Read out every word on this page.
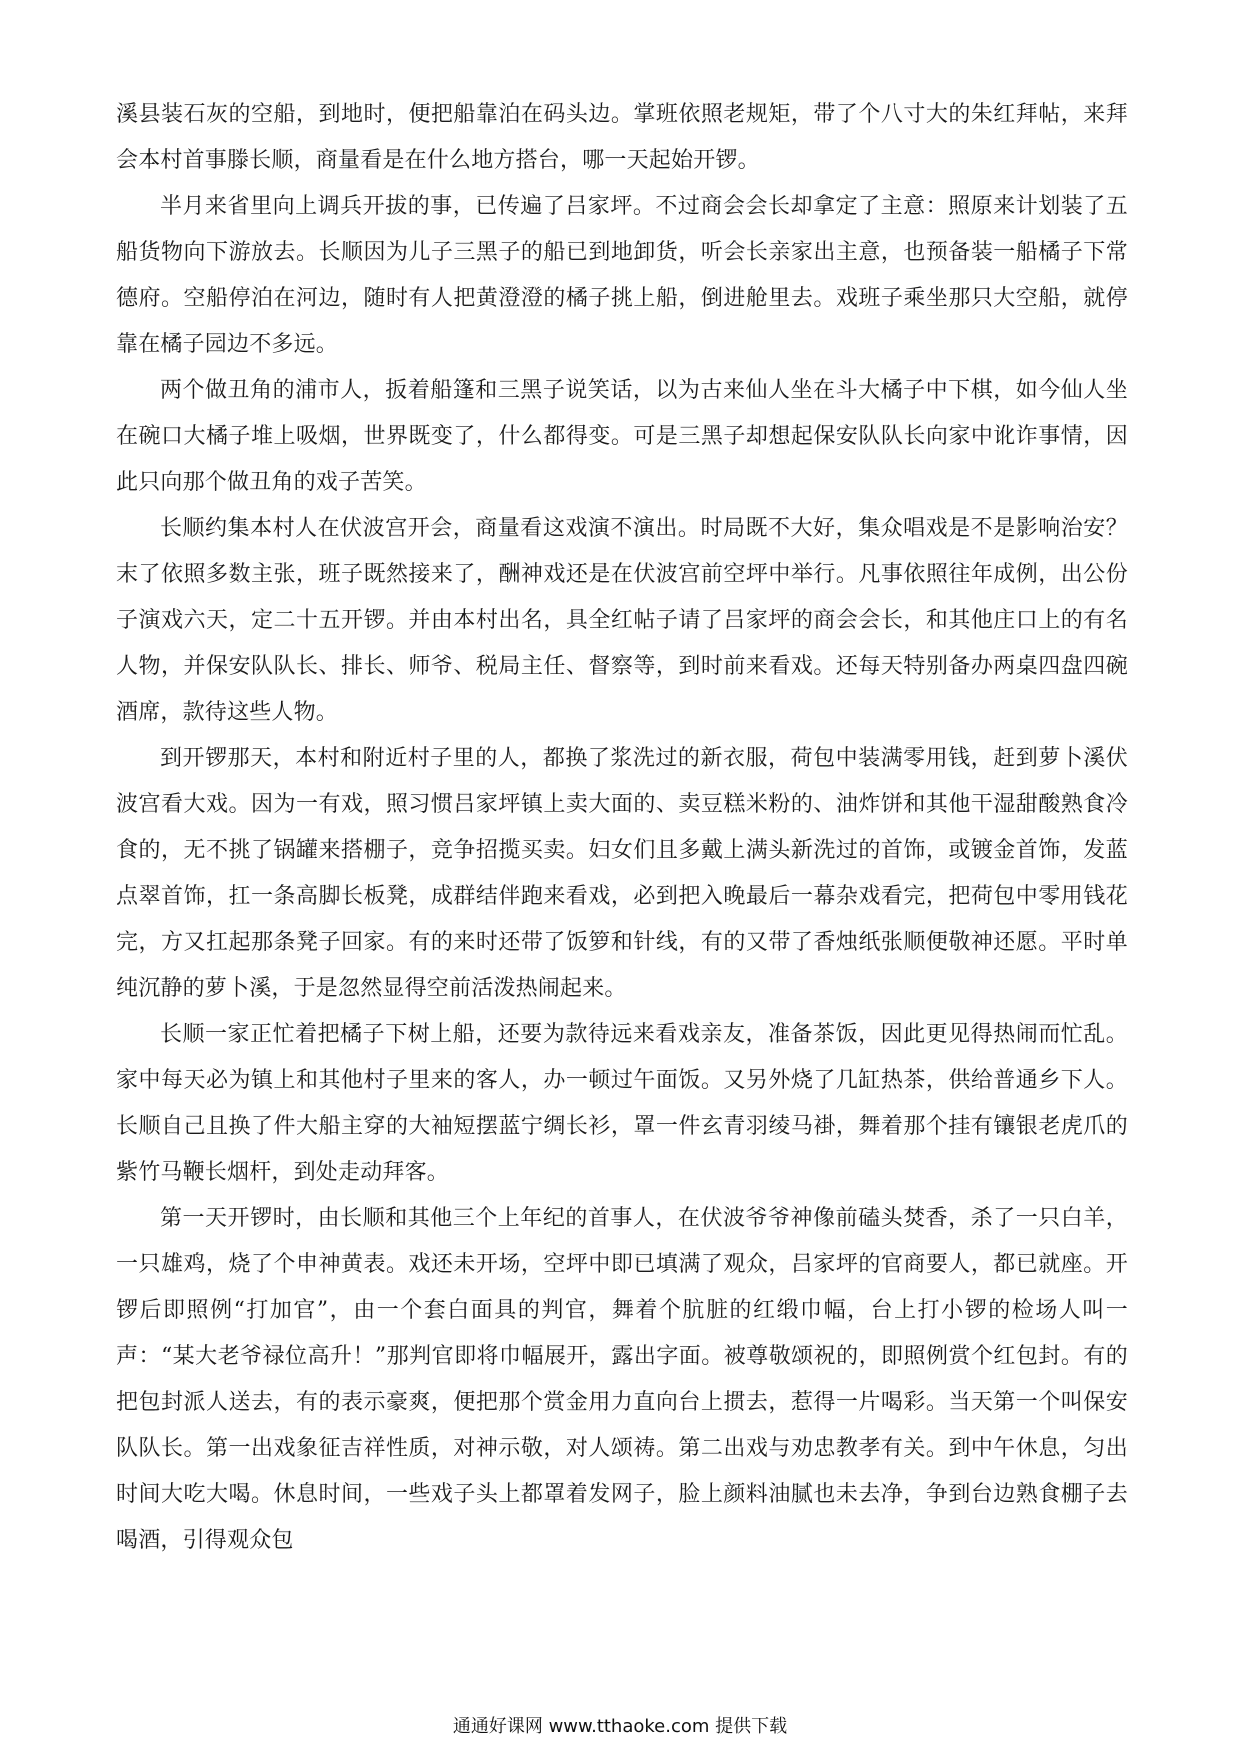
溪县装石灰的空船，到地时，便把船靠泊在码头边。掌班依照老规矩，带了个八寸大的朱红拜帖，来拜会本村首事滕长顺，商量看是在什么地方搭台，哪一天起始开锣。

半月来省里向上调兵开拔的事，已传遍了吕家坪。不过商会会长却拿定了主意：照原来计划装了五船货物向下游放去。长顺因为儿子三黑子的船已到地卸货，听会长亲家出主意，也预备装一船橘子下常德府。空船停泊在河边，随时有人把黄澄澄的橘子挑上船，倒进舱里去。戏班子乘坐那只大空船，就停靠在橘子园边不多远。

两个做丑角的浦市人，扳着船篷和三黑子说笑话，以为古来仙人坐在斗大橘子中下棋，如今仙人坐在碗口大橘子堆上吸烟，世界既变了，什么都得变。可是三黑子却想起保安队队长向家中讹诈事情，因此只向那个做丑角的戏子苦笑。

长顺约集本村人在伏波宫开会，商量看这戏演不演出。时局既不大好，集众唱戏是不是影响治安？末了依照多数主张，班子既然接来了，酬神戏还是在伏波宫前空坪中举行。凡事依照往年成例，出公份子演戏六天，定二十五开锣。并由本村出名，具全红帖子请了吕家坪的商会会长，和其他庄口上的有名人物，并保安队队长、排长、师爷、税局主任、督察等，到时前来看戏。还每天特别备办两桌四盘四碗酒席，款待这些人物。

到开锣那天，本村和附近村子里的人，都换了浆洗过的新衣服，荷包中装满零用钱，赶到萝卜溪伏波宫看大戏。因为一有戏，照习惯吕家坪镇上卖大面的、卖豆糕米粉的、油炸饼和其他干湿甜酸熟食冷食的，无不挑了锅罐来搭棚子，竞争招揽买卖。妇女们且多戴上满头新洗过的首饰，或镀金首饰，发蓝点翠首饰，扛一条高脚长板凳，成群结伴跑来看戏，必到把入晚最后一幕杂戏看完，把荷包中零用钱花完，方又扛起那条凳子回家。有的来时还带了饭箩和针线，有的又带了香烛纸张顺便敬神还愿。平时单纯沉静的萝卜溪，于是忽然显得空前活泼热闹起来。

长顺一家正忙着把橘子下树上船，还要为款待远来看戏亲友，准备茶饭，因此更见得热闹而忙乱。家中每天必为镇上和其他村子里来的客人，办一顿过午面饭。又另外烧了几缸热茶，供给普通乡下人。长顺自己且换了件大船主穿的大袖短摆蓝宁绸长衫，罩一件玄青羽绫马褂，舞着那个挂有镶银老虎爪的紫竹马鞭长烟杆，到处走动拜客。

第一天开锣时，由长顺和其他三个上年纪的首事人，在伏波爷爷神像前磕头焚香，杀了一只白羊，一只雄鸡，烧了个申神黄表。戏还未开场，空坪中即已填满了观众，吕家坪的官商要人，都已就座。开锣后即照例“打加官”，由一个套白面具的判官，舞着个肮脏的红缎巾幅，台上打小锣的检场人叫一声：“某大老爷禄位高升！”那判官即将巾幅展开，露出字面。被尊敬颂祝的，即照例赏个红包封。有的把包封派人送去，有的表示豪爽，便把那个赏金用力直向台上掼去，惹得一片喝彩。当天第一个叫保安队队长。第一出戏象征吉祥性质，对神示敬，对人颂祷。第二出戏与劝忠教孝有关。到中午休息，匀出时间大吃大喝。休息时间，一些戏子头上都罩着发网子，脸上颜料油腻也未去净，争到台边熟食棚子去喝酒，引得观众包

通通好课网 www.tthaoke.com 提供下载
